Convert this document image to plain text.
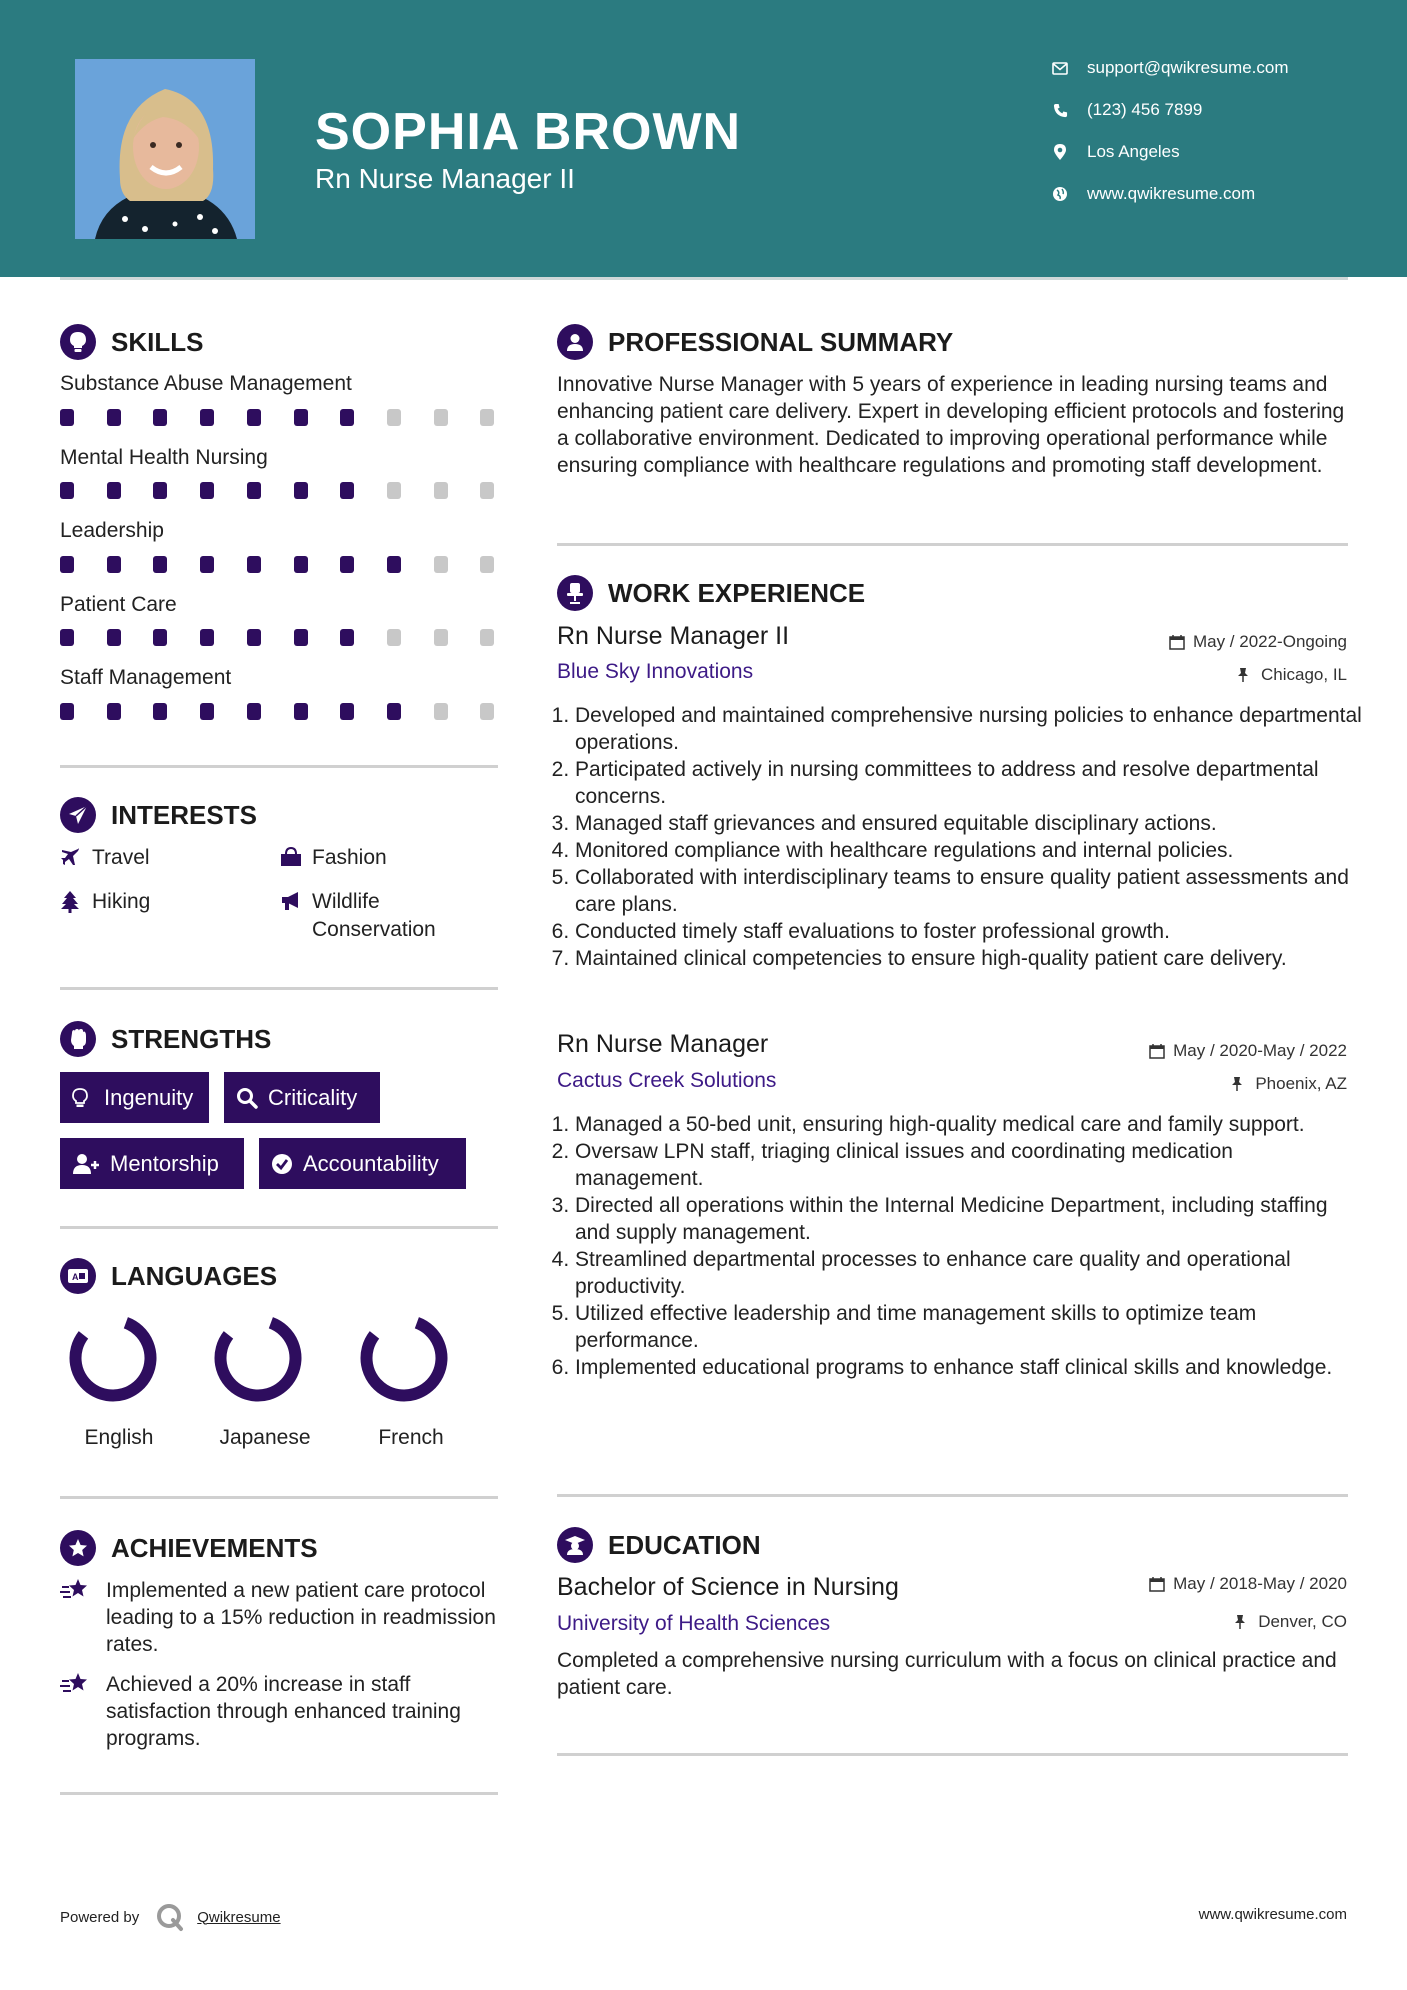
SOPHIA BROWN
Rn Nurse Manager II
support@qwikresume.com
(123) 456 7899
Los Angeles
www.qwikresume.com
SKILLS
Substance Abuse Management
Mental Health Nursing
Leadership
Patient Care
Staff Management
INTERESTS
Travel	Fashion
Hiking	Wildlife Conservation
STRENGTHS
Ingenuity	Criticality
Mentorship	Accountability
A LANGUAGES
English	Japanese	French
ACHIEVEMENTS
Implemented a new patient care protocol leading to a 15% reduction in readmission rates.
Achieved a 20% increase in staff satisfaction through enhanced training programs.
PROFESSIONAL SUMMARY
Innovative Nurse Manager with 5 years of experience in leading nursing teams and enhancing patient care delivery. Expert in developing efficient protocols and fostering a collaborative environment. Dedicated to improving operational performance while ensuring compliance with healthcare regulations and promoting staff development.
WORK EXPERIENCE
Rn Nurse Manager II	May / 2022-Ongoing
Blue Sky Innovations	Chicago, IL
1. Developed and maintained comprehensive nursing policies to enhance departmental operations.
2. Participated actively in nursing committees to address and resolve departmental concerns.
3. Managed staff grievances and ensured equitable disciplinary actions.
4. Monitored compliance with healthcare regulations and internal policies.
5. Collaborated with interdisciplinary teams to ensure quality patient assessments and care plans.
6. Conducted timely staff evaluations to foster professional growth.
7. Maintained clinical competencies to ensure high-quality patient care delivery.
Rn Nurse Manager	May / 2020-May / 2022
Cactus Creek Solutions	Phoenix, AZ
1. Managed a 50-bed unit, ensuring high-quality medical care and family support.
2. Oversaw LPN staff, triaging clinical issues and coordinating medication management.
3. Directed all operations within the Internal Medicine Department, including staffing and supply management.
4. Streamlined departmental processes to enhance care quality and operational productivity.
5. Utilized effective leadership and time management skills to optimize team performance.
6. Implemented educational programs to enhance staff clinical skills and knowledge.
EDUCATION
Bachelor of Science in Nursing	May / 2018-May / 2020
University of Health Sciences	Denver, CO
Completed a comprehensive nursing curriculum with a focus on clinical practice and patient care.
Powered by	Qwikresume	www.qwikresume.com
